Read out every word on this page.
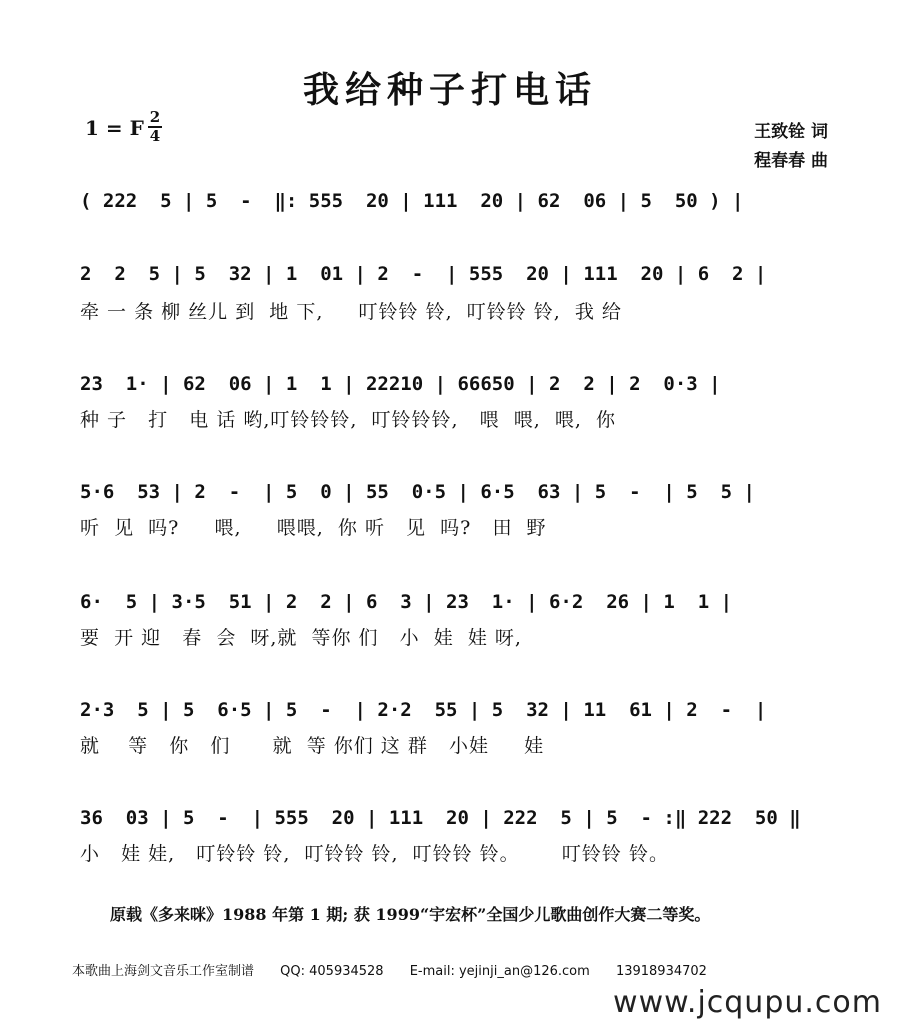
我给种子打电话
1 = F 2
4	王致铨 词
程春春 曲
( 222  5 | 5  -  ‖: 555  20 | 111  20 | 62  06 | 5  50 ) |
2  2  5 | 5  32 | 1  01 | 2  -  | 555  20 | 111  20 | 6  2 |
牵 一 条 柳 丝儿 到  地 下,     叮铃铃 铃,  叮铃铃 铃,  我 给
23  1· | 62  06 | 1  1 | 22210 | 66650 | 2  2 | 2  0·3 |
种 子   打   电 话 哟,叮铃铃铃,  叮铃铃铃,   喂  喂,  喂,  你
5·6  53 | 2  -  | 5  0 | 55  0·5 | 6·5  63 | 5  -  | 5  5 |
听  见  吗?     喂,     喂喂,  你 听   见  吗?   田  野
6·  5 | 3·5  51 | 2  2 | 6  3 | 23  1· | 6·2  26 | 1  1 |
要  开 迎   春  会  呀,就  等你 们   小  娃  娃 呀,
2·3  5 | 5  6·5 | 5  -  | 2·2  55 | 5  32 | 11  61 | 2  -  |
就    等   你   们      就  等 你们 这 群   小娃     娃
36  03 | 5  -  | 555  20 | 111  20 | 222  5 | 5  - :‖ 222  50 ‖
小   娃 娃,   叮铃铃 铃,  叮铃铃 铃,  叮铃铃 铃。      叮铃铃 铃。
原载《多来咪》1988 年第 1 期; 获 1999“宇宏杯”全国少儿歌曲创作大赛二等奖。
本歌曲上海剑文音乐工作室制谱 QQ: 405934528 E-mail: yejinji_an@126.com 13918934702
www.jcqupu.com
